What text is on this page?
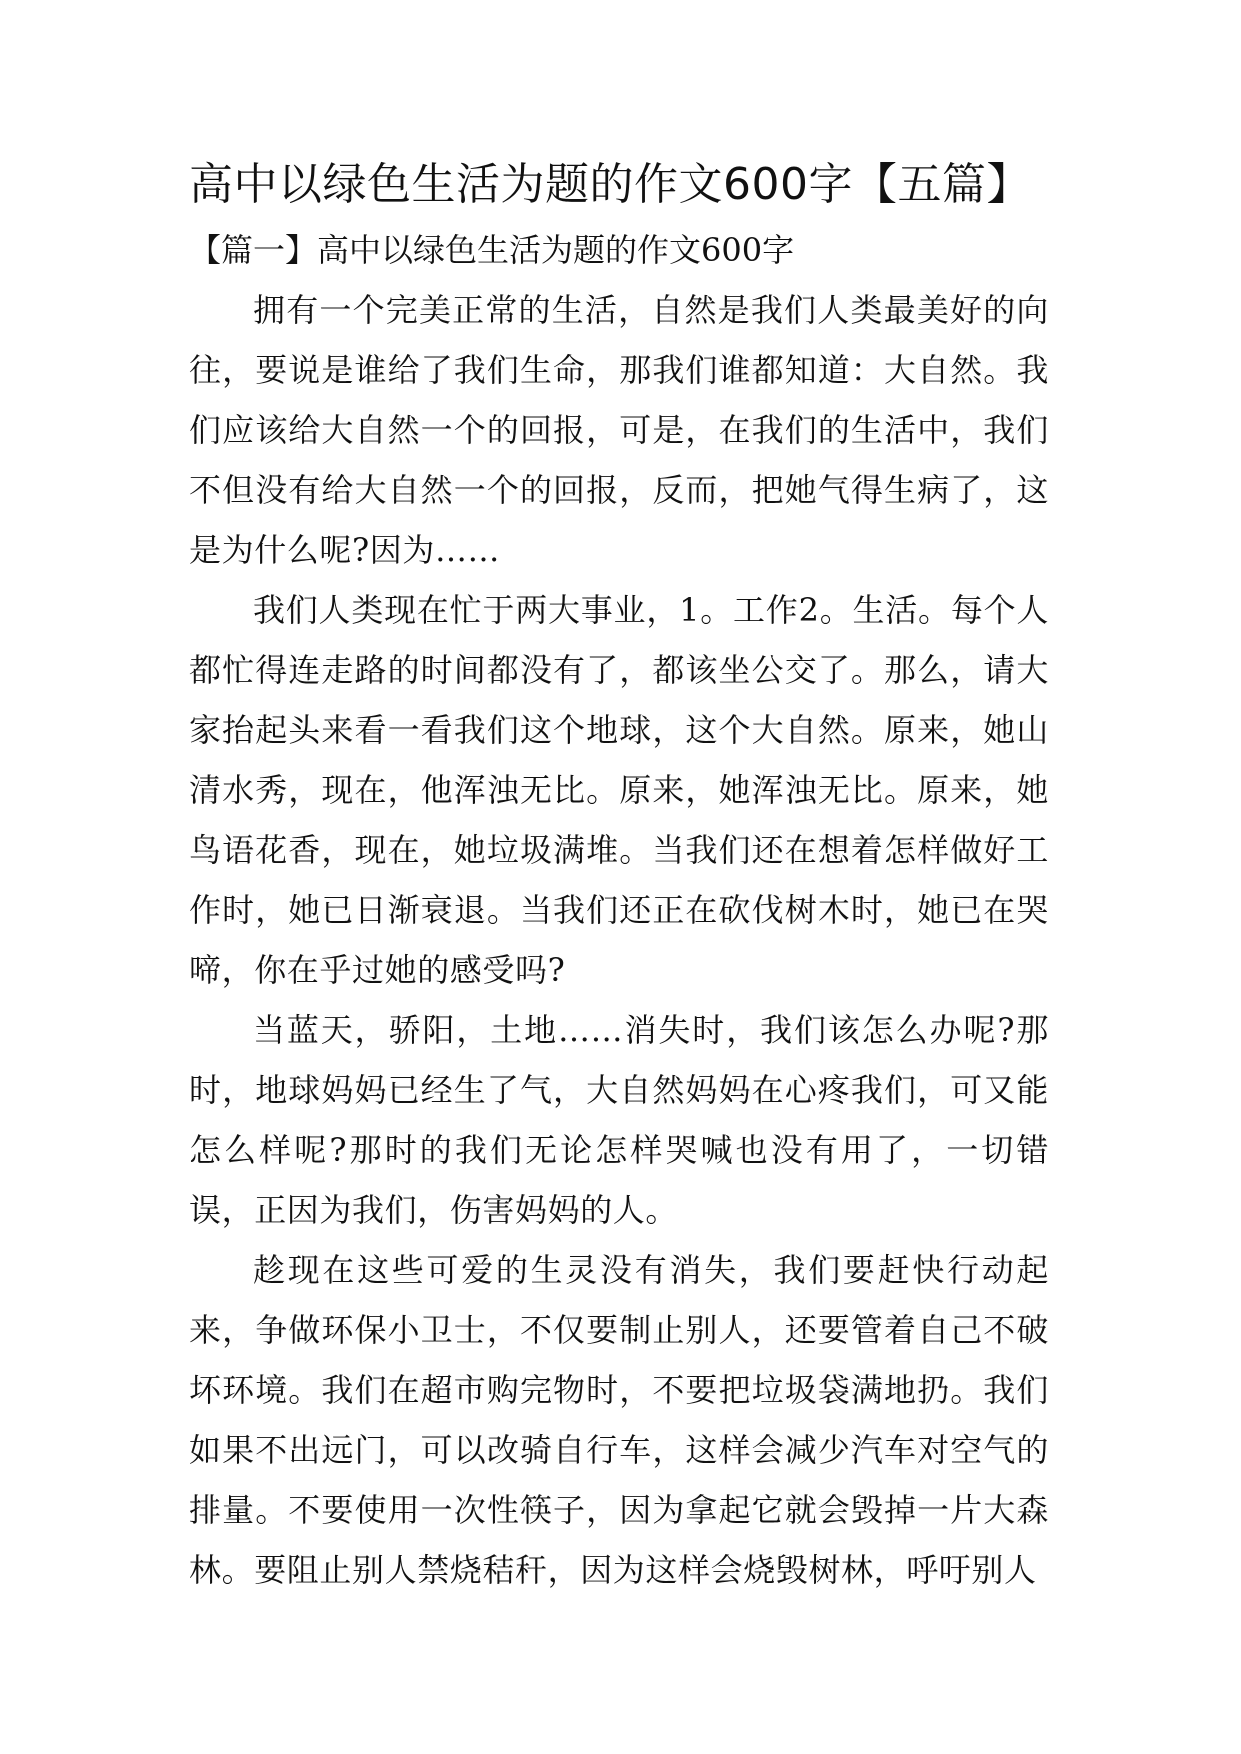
高中以绿色生活为题的作文600字【五篇】
【篇一】高中以绿色生活为题的作文600字

拥有一个完美正常的生活，自然是我们人类最美好的向往，要说是谁给了我们生命，那我们谁都知道：大自然。我们应该给大自然一个的回报，可是，在我们的生活中，我们不但没有给大自然一个的回报，反而，把她气得生病了，这是为什么呢?因为……

我们人类现在忙于两大事业，1。工作2。生活。每个人都忙得连走路的时间都没有了，都该坐公交了。那么，请大家抬起头来看一看我们这个地球，这个大自然。原来，她山清水秀，现在，他浑浊无比。原来，她浑浊无比。原来，她鸟语花香，现在，她垃圾满堆。当我们还在想着怎样做好工作时，她已日渐衰退。当我们还正在砍伐树木时，她已在哭啼，你在乎过她的感受吗?

当蓝天，骄阳，土地……消失时，我们该怎么办呢?那时，地球妈妈已经生了气，大自然妈妈在心疼我们，可又能怎么样呢?那时的我们无论怎样哭喊也没有用了，一切错误，正因为我们，伤害妈妈的人。

趁现在这些可爱的生灵没有消失，我们要赶快行动起来，争做环保小卫士，不仅要制止别人，还要管着自己不破坏环境。我们在超市购完物时，不要把垃圾袋满地扔。我们如果不出远门，可以改骑自行车，这样会减少汽车对空气的排量。不要使用一次性筷子，因为拿起它就会毁掉一片大森林。要阻止别人禁烧秸秆，因为这样会烧毁树林，呼吁别人
